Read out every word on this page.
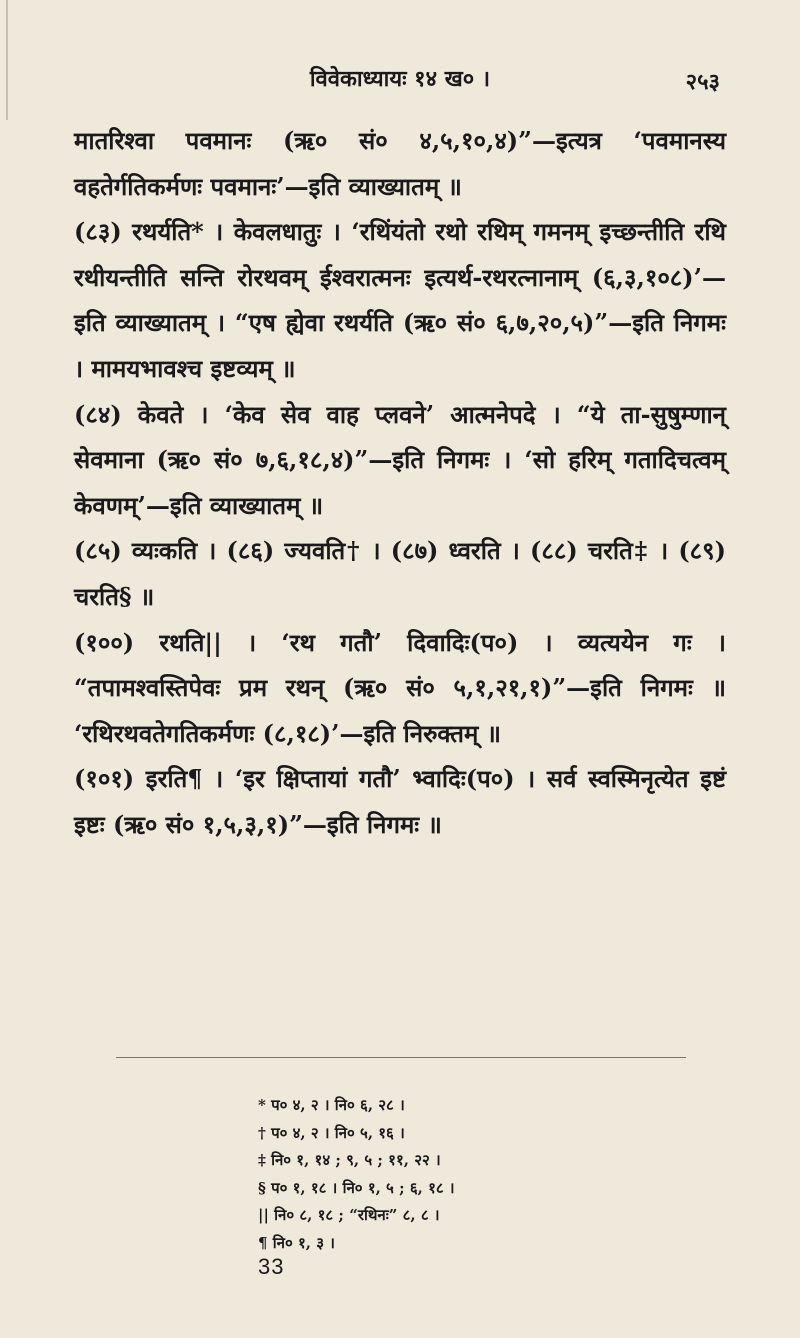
विवेकाध्यायः १४ ख० ।	२५३

मातरिश्वा पवमानः (ऋ० सं० ४,५,१०,४)”—इत्यत्र ‘पवमानस्य वहतेर्गतिकर्मणः पवमानः’—इति व्याख्यातम् ॥

(८३) रथर्यति* । केवलधातुः । ‘रथिंयंतो रथो रथिम् गमनम् इच्छन्तीति रथि रथीयन्तीति सन्ति रोरथवम् ईश्वरात्मनः इत्यर्थ-रथरत्नानाम् (६,३,१०८)’—इति व्याख्यातम् । “एष ह्येवा रथर्यति (ऋ० सं० ६,७,२०,५)”—इति निगमः । मामयभावश्च इष्टव्यम् ॥

(८४) केवते । ‘केव सेव वाह प्लवने’ आत्मनेपदे । “ये ता-सुषुम्णान् सेवमाना (ऋ० सं० ७,६,१८,४)”—इति निगमः । ‘सो हरिम् गतादिचत्वम् केवणम्’—इति व्याख्यातम् ॥

(८५) व्यःकति । (८६) ज्यवति† । (८७) ध्वरति । (८८) चरति‡ । (८९) चरति§ ॥

(१००) रथति|| । ‘रथ गतौ’ दिवादिः(प०) । व्यत्ययेन गः । “तपामश्वस्तिपेवः प्रम रथन् (ऋ० सं० ५,१,२१,१)”—इति निगमः ॥ ‘रथिरथवतेगतिकर्मणः (८,१८)’—इति निरुक्तम् ॥

(१०१) इरति¶ । ‘इर क्षिप्तायां गतौ’ भ्वादिः(प०) । सर्व स्वस्मिनृत्येत इष्टं इष्टः (ऋ० सं० १,५,३,१)”—इति निगमः ॥

* प० ४, २ । नि० ६, २८ ।
† प० ४, २ । नि० ५, १६ ।
‡ नि० १, १४ ; ९, ५ ; ११, २२ ।
§ प० १, १८ । नि० १, ५ ; ६, १८ ।
|| नि० ८, १८ ; “रथिनः” ८, ८ ।
¶ नि० १, ३ ।
33
